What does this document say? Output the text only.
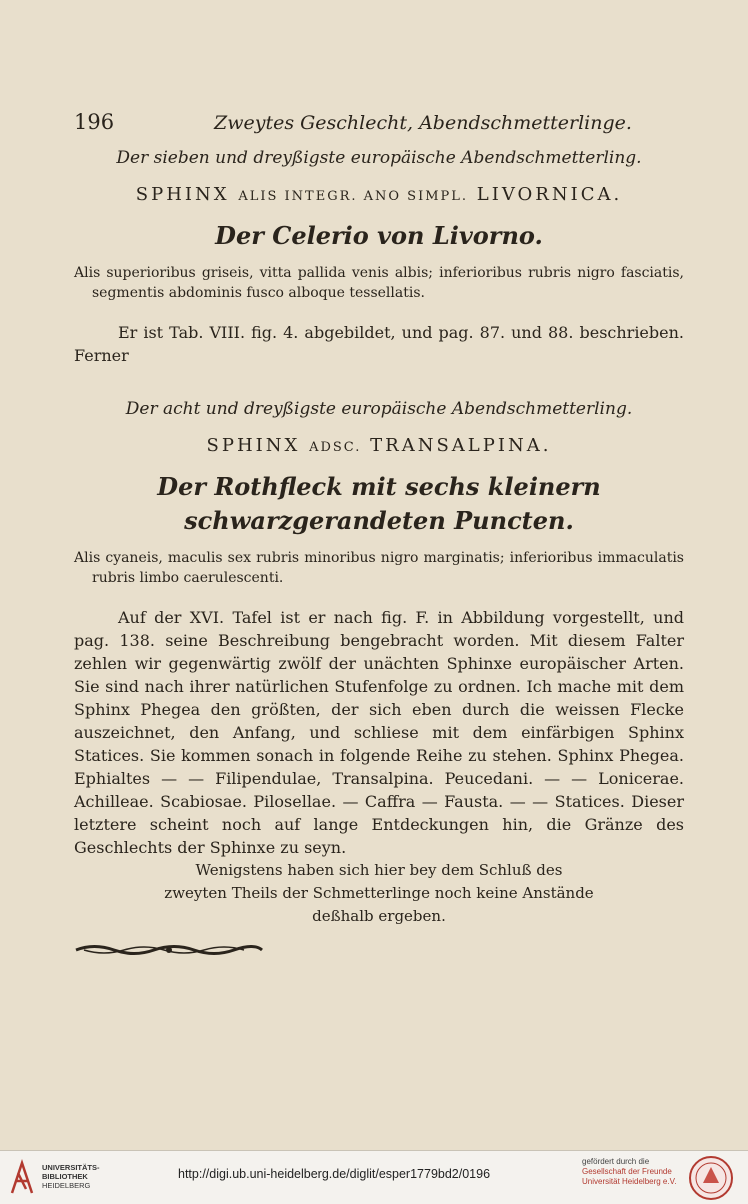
196	Zweytes Geschlecht, Abendschmetterlinge.
Der sieben und dreyßigste europäische Abendschmetterling.
SPHINX ALIS INTEGR. ANO SIMPL. LIVORNICA.
Der Celerio von Livorno.
Alis superioribus griseis, vitta pallida venis albis; inferioribus rubris nigro fasciatis, segmentis abdominis fusco alboque tessellatis.
Er ist Tab. VIII. fig. 4. abgebildet, und pag. 87. und 88. beschrieben. Ferner
Der acht und dreyßigste europäische Abendschmetterling.
SPHINX ADSC. TRANSALPINA.
Der Rothfleck mit sechs kleinern schwarzgerandeten Puncten.
Alis cyaneis, maculis sex rubris minoribus nigro marginatis; inferioribus immaculatis rubris limbo caerulescenti.
Auf der XVI. Tafel ist er nach fig. F. in Abbildung vorgestellt, und pag. 138. seine Beschreibung bengebracht worden. Mit diesem Falter zehlen wir gegenwärtig zwölf der unächten Sphinxe europäischer Arten. Sie sind nach ihrer natürlichen Stufenfolge zu ordnen. Ich mache mit dem Sphinx Phegea den größten, der sich eben durch die weissen Flecke auszeichnet, den Anfang, und schliese mit dem einfärbigen Sphinx Statices. Sie kommen sonach in folgende Reihe zu stehen. Sphinx Phegea. Ephialtes — — Filipendulae, Transalpina. Peucedani. — — Lonicerae. Achilleae. Scabiosae. Pilosellae. — Caffra — Fausta. — — Statices. Dieser letztere scheint noch auf lange Entdeckungen hin, die Gränze des Geschlechts der Sphinxe zu seyn.
Wenigstens haben sich hier bey dem Schluß des
zweyten Theils der Schmetterlinge noch keine Anstände
deßhalb ergeben.
UNIVERSITÄTS-
BIBLIOTHEK
HEIDELBERG
http://digi.ub.uni-heidelberg.de/diglit/esper1779bd2/0196
gefördert durch die
Gesellschaft der Freunde
Universität Heidelberg e.V.
